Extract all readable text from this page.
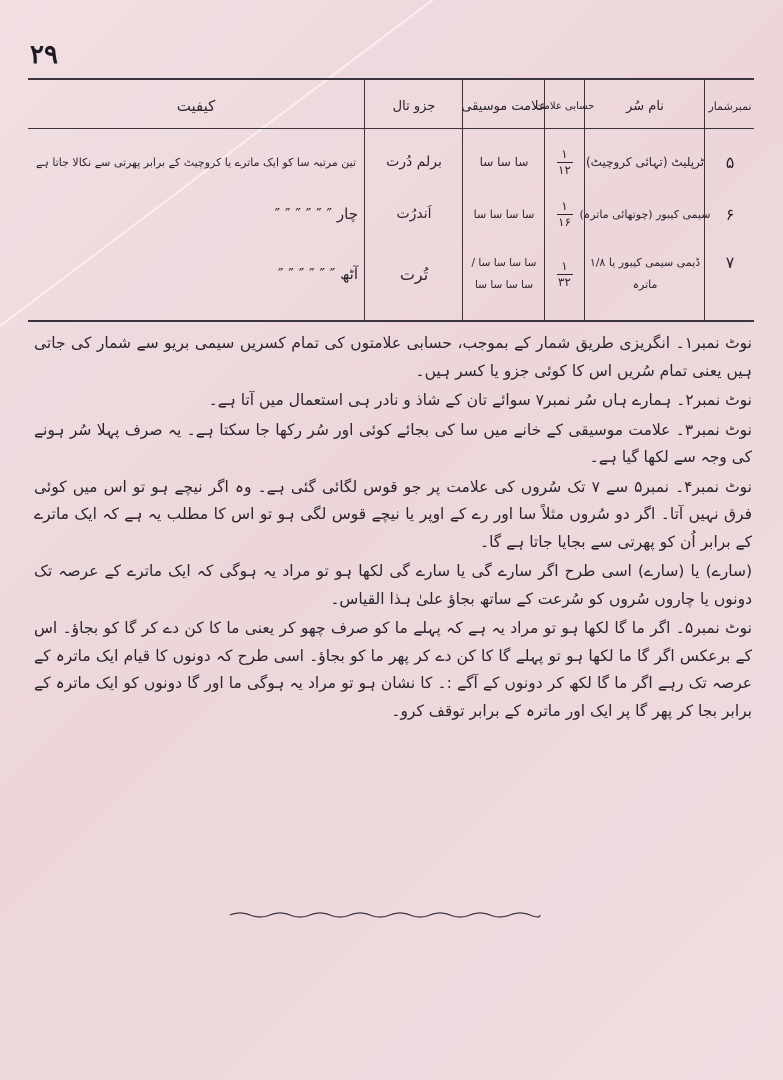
۲۹
نمبرشمار
نام سُر
حسابی علامت
علامت موسیقی
جزو تال
کیفیت
۵
ٹرپلیٹ (تہائی کروچیٹ)
$\frac{۱}{۱۲}$
سا سا سا
برلم دُرت
تین مرتبہ سا کو ایک ماترے یا کروچیٹ کے برابر پھرتی سے نکالا جاتا ہے
۶
سیمی کیبور (چوتھائی ماترہ)
$\frac{۱}{۱۶}$
سا سا سا سا
اَندرُت
چار ″ ″ ″ ″ ″ ″
۷
ڈیمی سیمی کیبور یا ۱/۸ ماترہ
$\frac{۱}{۳۲}$
سا سا سا سا / سا سا سا سا
تُرت
آٹھ ″ ″ ″ ″ ″ ″

نوٹ نمبر۱۔ انگریزی طریق شمار کے بموجب، حسابی علامتوں کی تمام کسریں سیمی بریو سے شمار کی جاتی ہیں یعنی تمام سُریں اس کا کوئی جزو یا کسر ہیں۔

نوٹ نمبر۲۔ ہمارے ہاں سُر نمبر۷ سوائے تان کے شاذ و نادر ہی استعمال میں آتا ہے۔

نوٹ نمبر۳۔ علامت موسیقی کے خانے میں سا کی بجائے کوئی اور سُر رکھا جا سکتا ہے۔ یہ صرف پہلا سُر ہونے کی وجہ سے لکھا گیا ہے۔

نوٹ نمبر۴۔ نمبر۵ سے ۷ تک سُروں کی علامت پر جو قوس لگائی گئی ہے۔ وہ اگر نیچے ہو تو اس میں کوئی فرق نہیں آتا۔ اگر دو سُروں مثلاً سا اور رے کے اوپر یا نیچے قوس لگی ہو تو اس کا مطلب یہ ہے کہ ایک ماترے کے برابر اُن کو پھرتی سے بجایا جاتا ہے گا۔

(سارے) یا (سارے) اسی طرح اگر سارے گی یا سارے گی لکھا ہو تو مراد یہ ہوگی کہ ایک ماترے کے عرصہ تک دونوں یا چاروں سُروں کو سُرعت کے ساتھ بجاؤ علیٰ ہذا القیاس۔

نوٹ نمبر۵۔ اگر ما گا لکھا ہو تو مراد یہ ہے کہ پہلے ما کو صرف چھو کر یعنی ما کا کن دے کر گا کو بجاؤ۔ اس کے برعکس اگر گا ما لکھا ہو تو پہلے گا کا کن دے کر پھر ما کو بجاؤ۔ اسی طرح کہ دونوں کا قیام ایک ماترہ کے عرصہ تک رہے اگر ما گا لکھ کر دونوں کے آگے :۔ کا نشان ہو تو مراد یہ ہوگی ما اور گا دونوں کو ایک ماترہ کے برابر بجا کر پھر گا پر ایک اور ماترہ کے برابر توقف کرو۔
